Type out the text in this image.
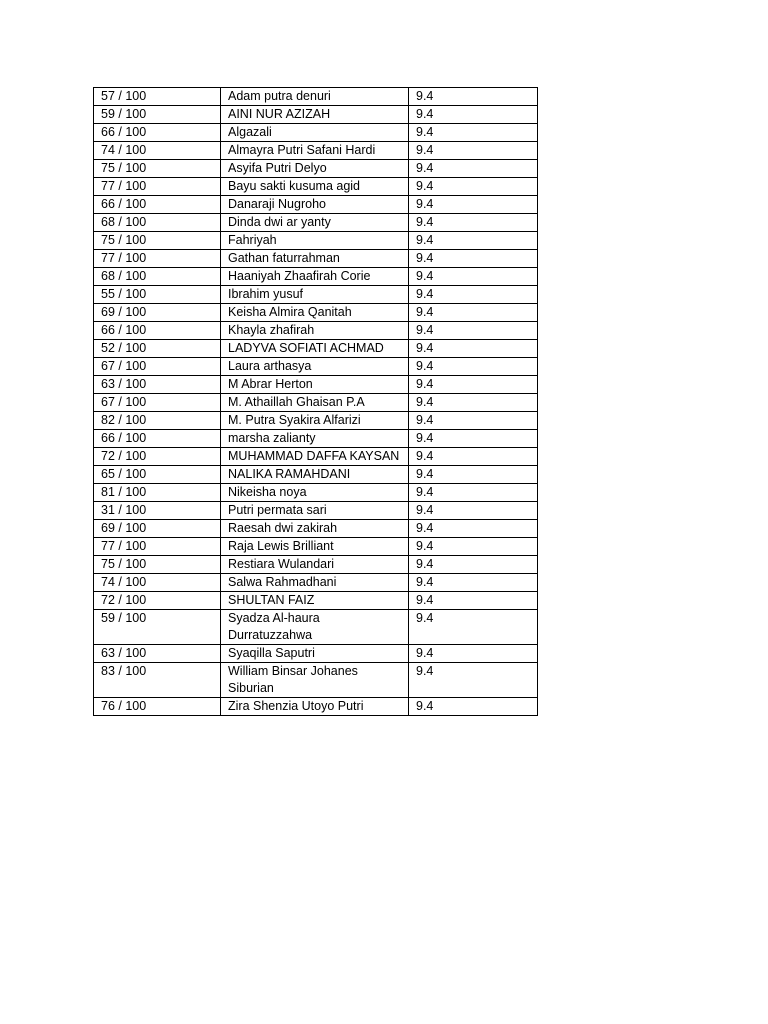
57 / 100	Adam putra denuri	9.4
59 / 100	AINI NUR AZIZAH	9.4
66 / 100	Algazali	9.4
74 / 100	Almayra Putri Safani Hardi	9.4
75 / 100	Asyifa Putri Delyo	9.4
77 / 100	Bayu sakti kusuma agid	9.4
66 / 100	Danaraji Nugroho	9.4
68 / 100	Dinda dwi ar yanty	9.4
75 / 100	Fahriyah	9.4
77 / 100	Gathan faturrahman	9.4
68 / 100	Haaniyah Zhaafirah Corie	9.4
55 / 100	Ibrahim yusuf	9.4
69 / 100	Keisha Almira Qanitah	9.4
66 / 100	Khayla zhafirah	9.4
52 / 100	LADYVA SOFIATI ACHMAD	9.4
67 / 100	Laura arthasya	9.4
63 / 100	M Abrar Herton	9.4
67 / 100	M. Athaillah Ghaisan P.A	9.4
82 / 100	M. Putra Syakira Alfarizi	9.4
66 / 100	marsha zalianty	9.4
72 / 100	MUHAMMAD DAFFA KAYSAN	9.4
65 / 100	NALIKA RAMAHDANI	9.4
81 / 100	Nikeisha noya	9.4
31 / 100	Putri permata sari	9.4
69 / 100	Raesah dwi zakirah	9.4
77 / 100	Raja Lewis Brilliant	9.4
75 / 100	Restiara Wulandari	9.4
74 / 100	Salwa Rahmadhani	9.4
72 / 100	SHULTAN FAIZ	9.4
59 / 100	Syadza Al-haura Durratuzzahwa	9.4
63 / 100	Syaqilla Saputri	9.4
83 / 100	William Binsar Johanes Siburian	9.4
76 / 100	Zira Shenzia Utoyo Putri	9.4
